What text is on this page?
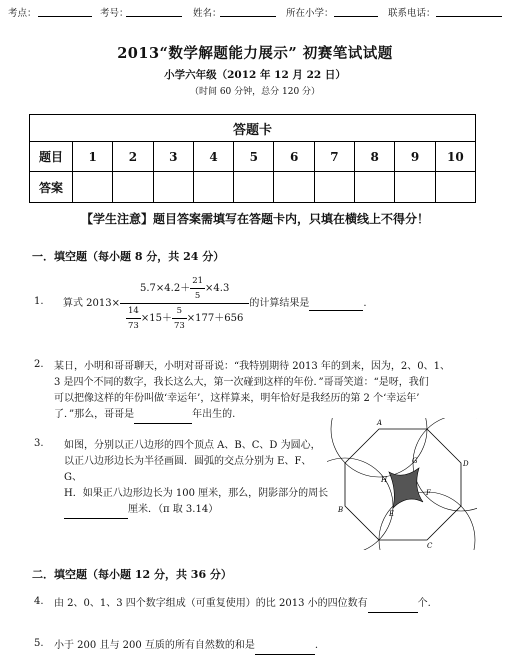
考点：	考号：	姓名：	所在小学：	联系电话：
2013“数学解题能力展示” 初赛笔试试题
小学六年级（2012 年 12 月 22 日）
（时间 60 分钟，总分 120 分）
答题卡										
题目	1	2	3	4	5	6	7	8	9	10
答案										
【学生注意】题目答案需填写在答题卡内，只填在横线上不得分！
一．填空题（每小题 8 分，共 24 分）
1. 算式 $2013\times \frac{5.7\times 4.2+ \frac{21}{5} \times 4.3}{\frac{14}{73} \times 15+ \frac{5}{73} \times 177+656}$ 的计算结果是
	.
2. 某日，小明和哥哥聊天，小明对哥哥说：“我特别期待 2013 年的到来，因为，2、0、1、
3 是四个不同的数字，我长这么大，第一次碰到这样的年份．”哥哥笑道：“是呀，我们
可以把像这样的年份叫做‘幸运年’，这样算来，明年恰好是我经历的第 2 个‘幸运年’
了．”那么，哥哥是	年出生的.
3. 如图，分别以正八边形的四个顶点 A、B、C、D 为圆心，
以正八边形边长为半径画圆．圆弧的交点分别为 E、F、G、
H．如果正八边形边长为 100 厘米，那么，阴影部分的周长
厘米．（π 取 3.14）
A
D
C
B
G
H
F
E
二．填空题（每小题 12 分，共 36 分）
4. 由 2、0、1、3 四个数字组成（可重复使用）的比 2013 小的四位数有	个.
5. 小于 200 且与 200 互质的所有自然数的和是	.
